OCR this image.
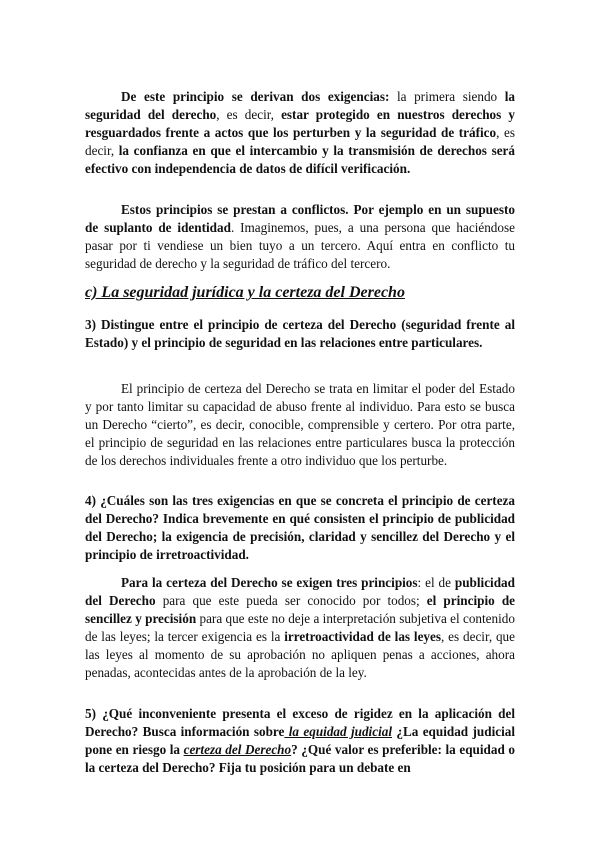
De este principio se derivan dos exigencias: la primera siendo la seguridad del derecho, es decir, estar protegido en nuestros derechos y resguardados frente a actos que los perturben y la seguridad de tráfico, es decir, la confianza en que el intercambio y la transmisión de derechos será efectivo con independencia de datos de difícil verificación.

Estos principios se prestan a conflictos. Por ejemplo en un supuesto de suplanto de identidad. Imaginemos, pues, a una persona que haciéndose pasar por ti vendiese un bien tuyo a un tercero. Aquí entra en conflicto tu seguridad de derecho y la seguridad de tráfico del tercero.

c) La seguridad jurídica y la certeza del Derecho

3) Distingue entre el principio de certeza del Derecho (seguridad frente al Estado) y el principio de seguridad en las relaciones entre particulares.

El principio de certeza del Derecho se trata en limitar el poder del Estado y por tanto limitar su capacidad de abuso frente al individuo. Para esto se busca un Derecho “cierto”, es decir, conocible, comprensible y certero. Por otra parte, el principio de seguridad en las relaciones entre particulares busca la protección de los derechos individuales frente a otro individuo que los perturbe.

4) ¿Cuáles son las tres exigencias en que se concreta el principio de certeza del Derecho? Indica brevemente en qué consisten el principio de publicidad del Derecho; la exigencia de precisión, claridad y sencillez del Derecho y el principio de irretroactividad.

Para la certeza del Derecho se exigen tres principios: el de publicidad del Derecho para que este pueda ser conocido por todos; el principio de sencillez y precisión para que este no deje a interpretación subjetiva el contenido de las leyes; la tercer exigencia es la irretroactividad de las leyes, es decir, que las leyes al momento de su aprobación no apliquen penas a acciones, ahora penadas, acontecidas antes de la aprobación de la ley.

5) ¿Qué inconveniente presenta el exceso de rigidez en la aplicación del Derecho? Busca información sobre la equidad judicial ¿La equidad judicial pone en riesgo la certeza del Derecho? ¿Qué valor es preferible: la equidad o la certeza del Derecho? Fija tu posición para un debate en
